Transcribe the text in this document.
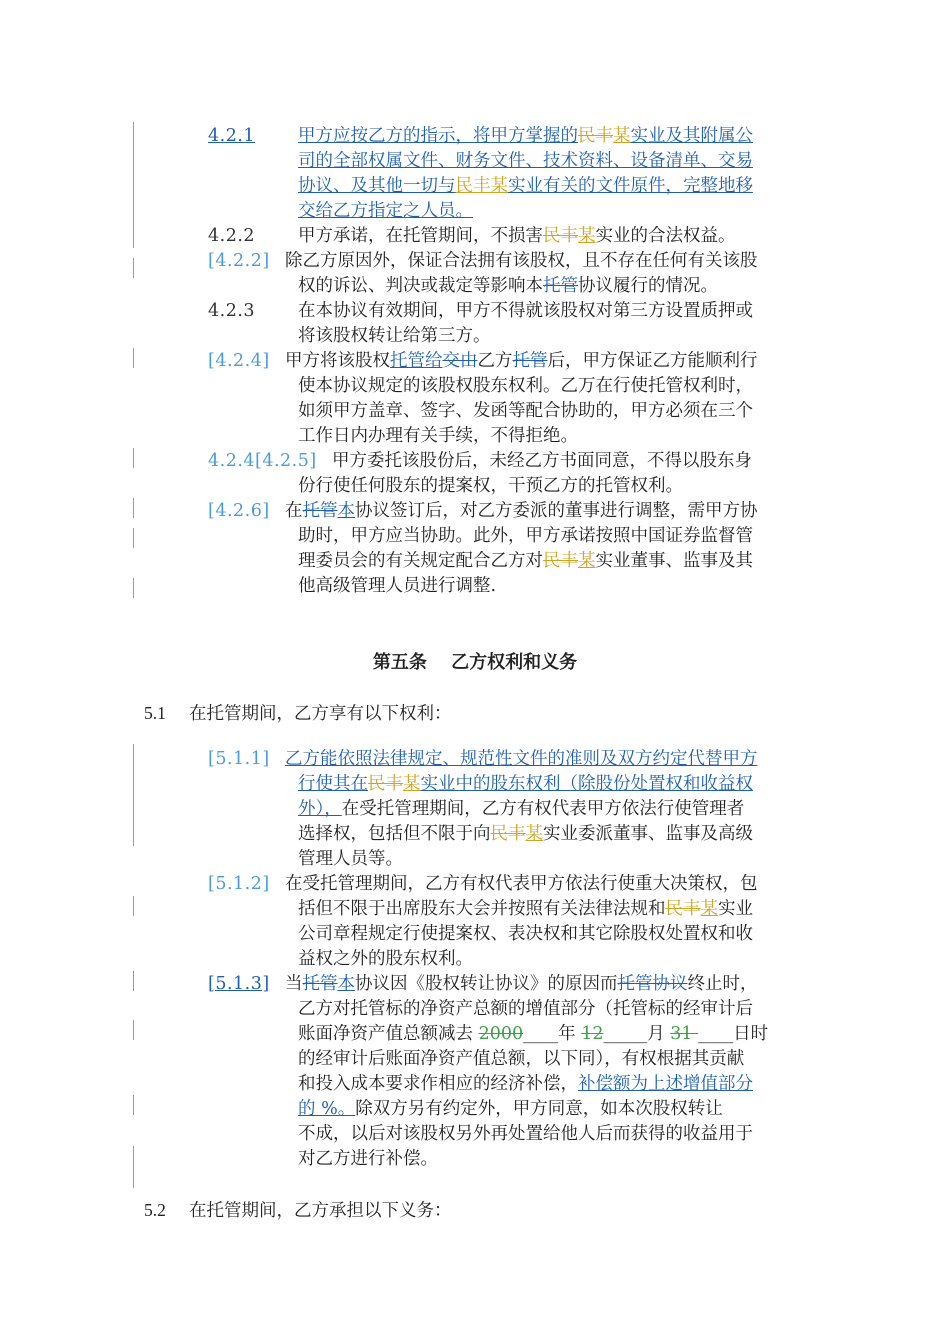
4.2.1 甲方应按乙方的指示，将甲方掌握的民丰某实业及其附属公
司的全部权属文件、财务文件、技术资料、设备清单、交易
协议、及其他一切与民丰某实业有关的文件原件，完整地移
交给乙方指定之人员。
4.2.2 甲方承诺，在托管期间，不损害民丰某实业的合法权益。
[4.2.2] 除乙方原因外，保证合法拥有该股权，且不存在任何有关该股
权的诉讼、判决或裁定等影响本托管协议履行的情况。
4.2.3 在本协议有效期间，甲方不得就该股权对第三方设置质押或
将该股权转让给第三方。
[4.2.4] 甲方将该股权托管给交由乙方托管后，甲方保证乙方能顺利行
使本协议规定的该股权股东权利。乙万在行使托管权利时，
如须甲方盖章、签字、发函等配合协助的，甲方必须在三个
工作日内办理有关手续，不得拒绝。
4.2.4[4.2.5] 甲方委托该股份后，未经乙方书面同意，不得以股东身
份行使任何股东的提案权，干预乙方的托管权利。
[4.2.6] 在托管本协议签订后，对乙方委派的董事进行调整，需甲方协
助时，甲方应当协助。此外，甲方承诺按照中国证券监督管
理委员会的有关规定配合乙方对民丰某实业董事、监事及其
他高级管理人员进行调整.
第五条 乙方权利和义务
5.1 在托管期间，乙方享有以下权利：
[5.1.1] 乙方能依照法律规定、规范性文件的准则及双方约定代替甲方
行使其在民丰某实业中的股东权利（除股份处置权和收益权
外），在受托管理期间，乙方有权代表甲方依法行使管理者
选择权，包括但不限于向民丰某实业委派董事、监事及高级
管理人员等。
[5.1.2] 在受托管理期间，乙方有权代表甲方依法行使重大决策权，包
括但不限于出席股东大会并按照有关法律法规和民丰某实业
公司章程规定行使提案权、表决权和其它除股权处置权和收
益权之外的股东权利。
[5.1.3] 当托管本协议因《股权转让协议》的原因而托管协议终止时，
乙方对托管标的净资产总额的增值部分（托管标的经审计后
账面净资产值总额减去 2000____年 12_____月 31 ____日时
的经审计后账面净资产值总额，以下同），有权根据其贡献
和投入成本要求作相应的经济补偿，补偿额为上述增值部分
的 %。除双方另有约定外，甲方同意，如本次股权转让
不成，以后对该股权另外再处置给他人后而获得的收益用于
对乙方进行补偿。
5.2 在托管期间，乙方承担以下义务：
